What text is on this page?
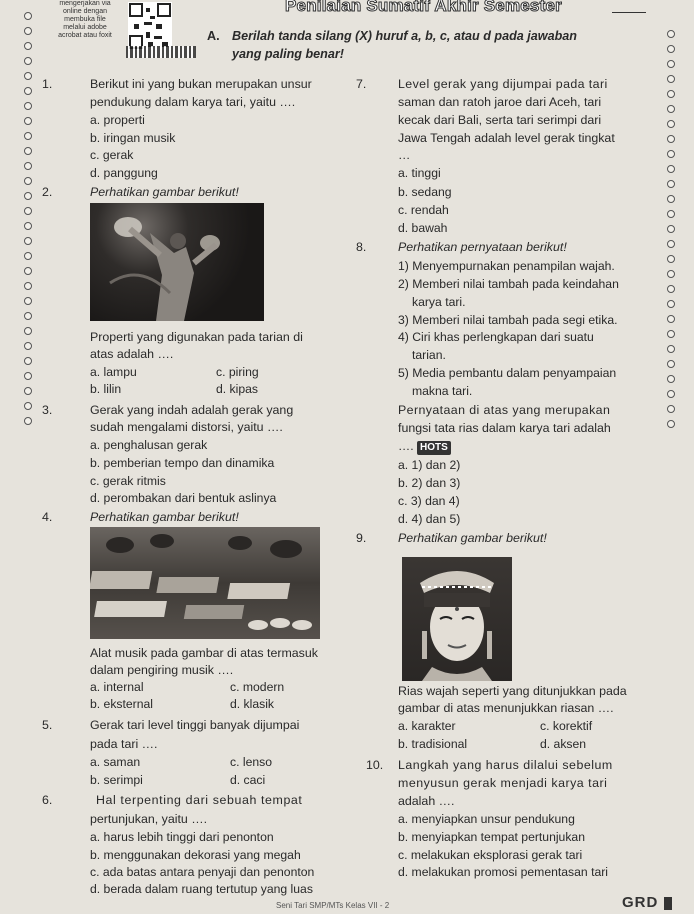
mengerjakan via
online dengan
membuka file
melalui adobe
acrobat atau foxit
Penilaian Sumatif Akhir Semester
A. Berilah tanda silang (X) huruf a, b, c, atau d pada jawaban
yang paling benar!
1.	Berikut ini yang bukan merupakan unsur
pendukung dalam karya tari, yaitu ….
a. properti
b. iringan musik
c. gerak
d. panggung
2.	Perhatikan gambar berikut!
Properti yang digunakan pada tarian di
atas adalah ….
a. lampu
b. lilin
c. piring
d. kipas
3.	Gerak yang indah adalah gerak yang
sudah mengalami distorsi, yaitu ….
a. penghalusan gerak
b. pemberian tempo dan dinamika
c. gerak ritmis
d. perombakan dari bentuk aslinya
4.	Perhatikan gambar berikut!
Alat musik pada gambar di atas termasuk
dalam pengiring musik ….
a. internal
b. eksternal
c. modern
d. klasik
5.	Gerak tari level tinggi banyak dijumpai
pada tari ….
a. saman
b. serimpi
c. lenso
d. caci
6.	Hal terpenting dari sebuah tempat
pertunjukan, yaitu ….
a. harus lebih tinggi dari penonton
b. menggunakan dekorasi yang megah
c. ada batas antara penyaji dan penonton
d. berada dalam ruang tertutup yang luas
7.	Level gerak yang dijumpai pada tari
saman dan ratoh jaroe dari Aceh, tari
kecak dari Bali, serta tari serimpi dari
Jawa Tengah adalah level gerak tingkat
…
a. tinggi
b. sedang
c. rendah
d. bawah
8.	Perhatikan pernyataan berikut!
1) Menyempurnakan penampilan wajah.
2) Memberi nilai tambah pada keindahan
karya tari.
3) Memberi nilai tambah pada segi etika.
4) Ciri khas perlengkapan dari suatu
tarian.
5) Media pembantu dalam penyampaian
makna tari.
Pernyataan di atas yang merupakan
fungsi tata rias dalam karya tari adalah
…. HOTS
a. 1) dan 2)
b. 2) dan 3)
c. 3) dan 4)
d. 4) dan 5)
9.	Perhatikan gambar berikut!
Rias wajah seperti yang ditunjukkan pada
gambar di atas menunjukkan riasan ….
a. karakter
b. tradisional
c. korektif
d. aksen
10. Langkah yang harus dilalui sebelum
menyusun gerak menjadi karya tari
adalah ….
a. menyiapkan unsur pendukung
b. menyiapkan tempat pertunjukan
c. melakukan eksplorasi gerak tari
d. melakukan promosi pementasan tari
Seni Tari SMP/MTs Kelas VII - 2	GRD
